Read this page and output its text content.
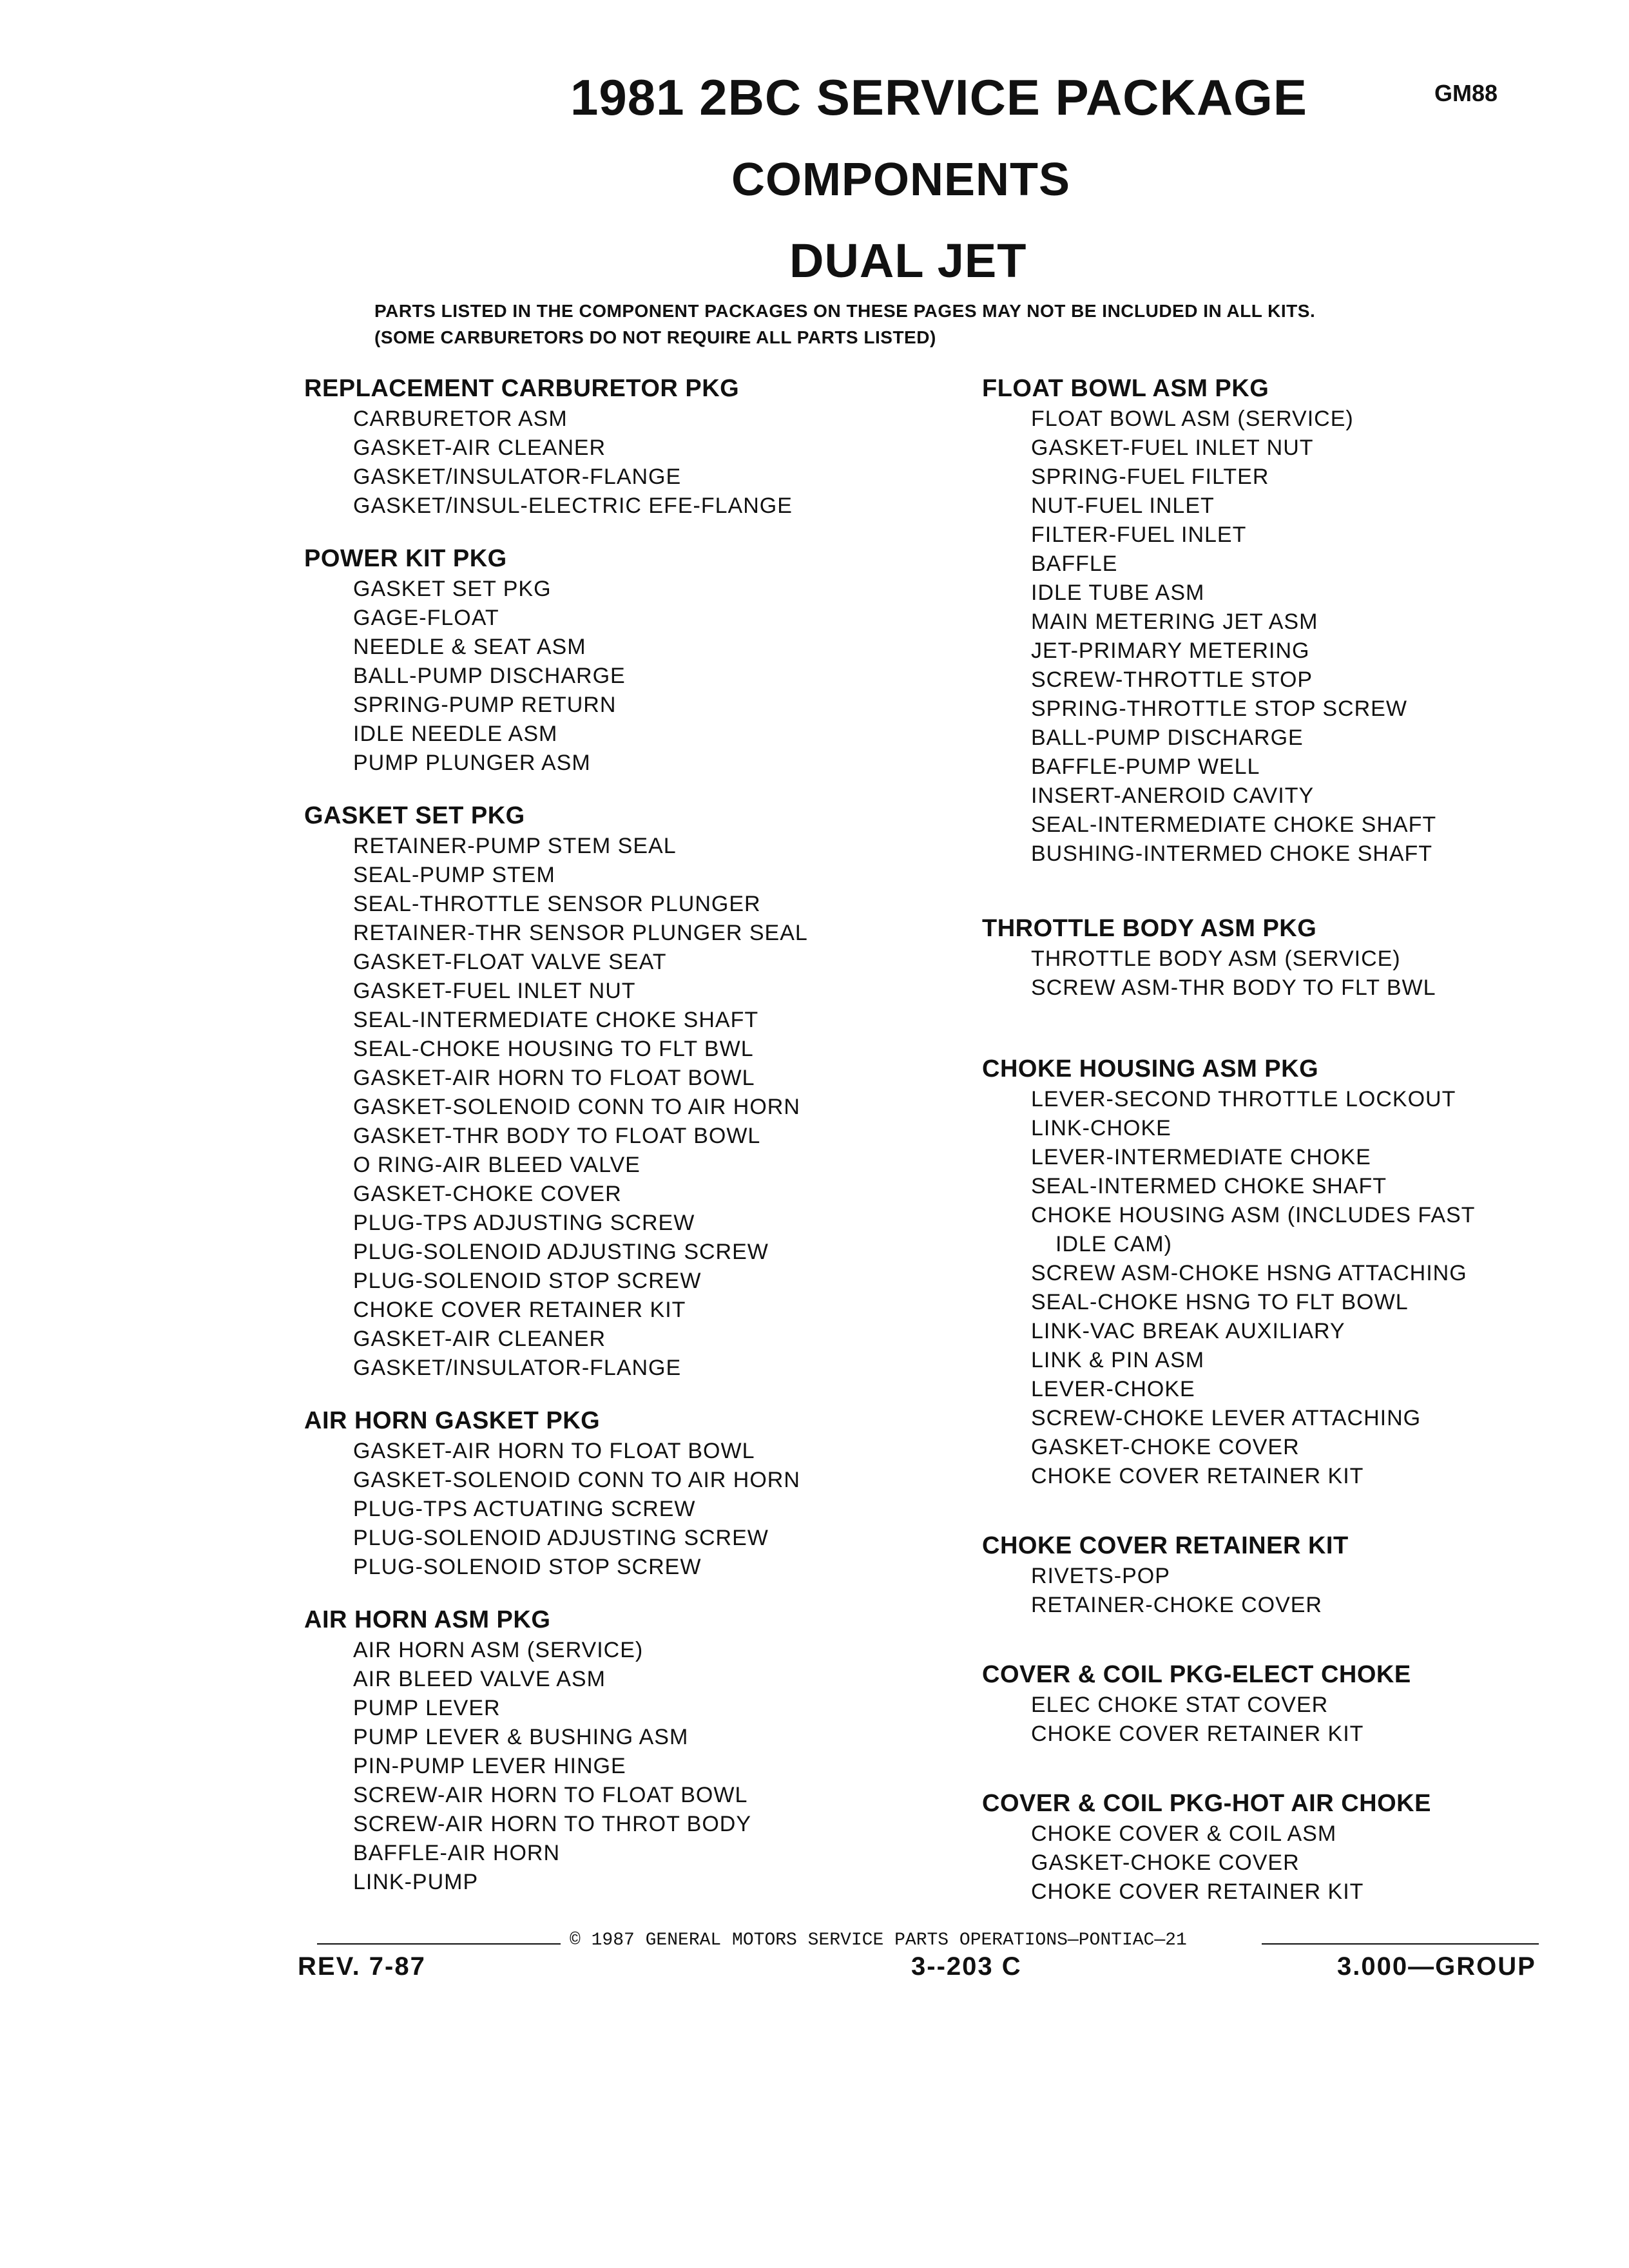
1981 2BC SERVICE PACKAGE	GM88
COMPONENTS
DUAL JET
PARTS LISTED IN THE COMPONENT PACKAGES ON THESE PAGES MAY NOT BE INCLUDED IN ALL KITS.
(SOME CARBURETORS DO NOT REQUIRE ALL PARTS LISTED)
REPLACEMENT CARBURETOR PKG
CARBURETOR ASM
GASKET-AIR CLEANER
GASKET/INSULATOR-FLANGE
GASKET/INSUL-ELECTRIC EFE-FLANGE
POWER KIT PKG
GASKET SET PKG
GAGE-FLOAT
NEEDLE & SEAT ASM
BALL-PUMP DISCHARGE
SPRING-PUMP RETURN
IDLE NEEDLE ASM
PUMP PLUNGER ASM
GASKET SET PKG
RETAINER-PUMP STEM SEAL
SEAL-PUMP STEM
SEAL-THROTTLE SENSOR PLUNGER
RETAINER-THR SENSOR PLUNGER SEAL
GASKET-FLOAT VALVE SEAT
GASKET-FUEL INLET NUT
SEAL-INTERMEDIATE CHOKE SHAFT
SEAL-CHOKE HOUSING TO FLT BWL
GASKET-AIR HORN TO FLOAT BOWL
GASKET-SOLENOID CONN TO AIR HORN
GASKET-THR BODY TO FLOAT BOWL
O RING-AIR BLEED VALVE
GASKET-CHOKE COVER
PLUG-TPS ADJUSTING SCREW
PLUG-SOLENOID ADJUSTING SCREW
PLUG-SOLENOID STOP SCREW
CHOKE COVER RETAINER KIT
GASKET-AIR CLEANER
GASKET/INSULATOR-FLANGE
AIR HORN GASKET PKG
GASKET-AIR HORN TO FLOAT BOWL
GASKET-SOLENOID CONN TO AIR HORN
PLUG-TPS ACTUATING SCREW
PLUG-SOLENOID ADJUSTING SCREW
PLUG-SOLENOID STOP SCREW
AIR HORN ASM PKG
AIR HORN ASM (SERVICE)
AIR BLEED VALVE ASM
PUMP LEVER
PUMP LEVER & BUSHING ASM
PIN-PUMP LEVER HINGE
SCREW-AIR HORN TO FLOAT BOWL
SCREW-AIR HORN TO THROT BODY
BAFFLE-AIR HORN
LINK-PUMP
FLOAT BOWL ASM PKG
FLOAT BOWL ASM (SERVICE)
GASKET-FUEL INLET NUT
SPRING-FUEL FILTER
NUT-FUEL INLET
FILTER-FUEL INLET
BAFFLE
IDLE TUBE ASM
MAIN METERING JET ASM
JET-PRIMARY METERING
SCREW-THROTTLE STOP
SPRING-THROTTLE STOP SCREW
BALL-PUMP DISCHARGE
BAFFLE-PUMP WELL
INSERT-ANEROID CAVITY
SEAL-INTERMEDIATE CHOKE SHAFT
BUSHING-INTERMED CHOKE SHAFT
THROTTLE BODY ASM PKG
THROTTLE BODY ASM (SERVICE)
SCREW ASM-THR BODY TO FLT BWL
CHOKE HOUSING ASM PKG
LEVER-SECOND THROTTLE LOCKOUT
LINK-CHOKE
LEVER-INTERMEDIATE CHOKE
SEAL-INTERMED CHOKE SHAFT
CHOKE HOUSING ASM (INCLUDES FAST
IDLE CAM)
SCREW ASM-CHOKE HSNG ATTACHING
SEAL-CHOKE HSNG TO FLT BOWL
LINK-VAC BREAK AUXILIARY
LINK & PIN ASM
LEVER-CHOKE
SCREW-CHOKE LEVER ATTACHING
GASKET-CHOKE COVER
CHOKE COVER RETAINER KIT
CHOKE COVER RETAINER KIT
RIVETS-POP
RETAINER-CHOKE COVER
COVER & COIL PKG-ELECT CHOKE
ELEC CHOKE STAT COVER
CHOKE COVER RETAINER KIT
COVER & COIL PKG-HOT AIR CHOKE
CHOKE COVER & COIL ASM
GASKET-CHOKE COVER
CHOKE COVER RETAINER KIT
© 1987 GENERAL MOTORS SERVICE PARTS OPERATIONS—PONTIAC—21
REV. 7-87	3--203 C	3.000—GROUP
